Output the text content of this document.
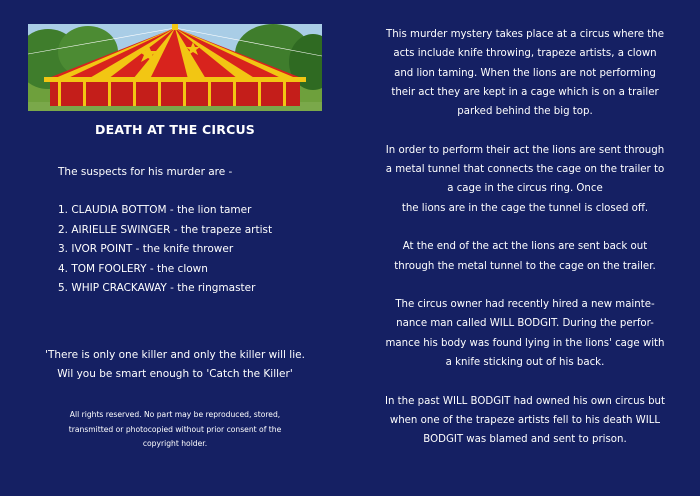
DEATH AT THE CIRCUS
The suspects for his murder are -
1. CLAUDIA BOTTOM - the lion tamer
2. AIRIELLE SWINGER - the trapeze artist
3. IVOR POINT - the knife thrower
4. TOM FOOLERY - the clown
5. WHIP CRACKAWAY - the ringmaster
'There is only one killer and only the killer will lie.
Wil you be smart enough to 'Catch the Killer'
All rights reserved. No part may be reproduced, stored,
transmitted or photocopied without prior consent of the
copyright holder.

This murder mystery takes place at a circus where the
acts include knife throwing, trapeze artists, a clown
and lion taming. When the lions are not performing
their act they are kept in a cage which is on a trailer
parked behind the big top.

In order to perform their act the lions are sent through
a metal tunnel that connects the cage on the trailer to
a cage in the circus ring. Once
the lions are in the cage the tunnel is closed off.

At the end of the act the lions are sent back out
through the metal tunnel to the cage on the trailer.

The circus owner had recently hired a new mainte-
nance man called WILL BODGIT. During the perfor-
mance his body was found lying in the lions' cage with
a knife sticking out of his back.

In the past WILL BODGIT had owned his own circus but
when one of the trapeze artists fell to his death WILL
BODGIT was blamed and sent to prison.
